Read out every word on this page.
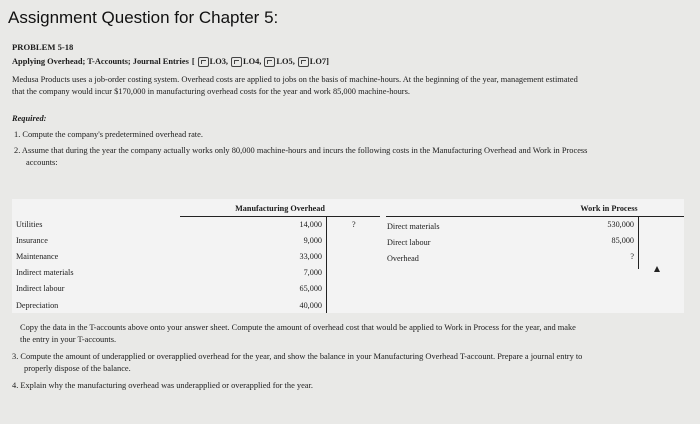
Assignment Question for Chapter 5:
PROBLEM 5-18
Applying Overhead; T-Accounts; Journal Entries [ LO3, LO4, LO5, LO7 ]
Medusa Products uses a job-order costing system. Overhead costs are applied to jobs on the basis of machine-hours. At the beginning of the year, management estimated
that the company would incur $170,000 in manufacturing overhead costs for the year and work 85,000 machine-hours.
Required:
1. Compute the company's predetermined overhead rate.
2. Assume that during the year the company actually works only 80,000 machine-hours and incurs the following costs in the Manufacturing Overhead and Work in Process
accounts:
Manufacturing Overhead
Utilities	14,000
Insurance	9,000
Maintenance	33,000
Indirect materials	7,000
Indirect labour	65,000
Depreciation	40,000
?
Work in Process
Direct materials	530,000
Direct labour	85,000
Overhead	?
Copy the data in the T-accounts above onto your answer sheet. Compute the amount of overhead cost that would be applied to Work in Process for the year, and make
the entry in your T-accounts.
3. Compute the amount of underapplied or overapplied overhead for the year, and show the balance in your Manufacturing Overhead T-account. Prepare a journal entry to
properly dispose of the balance.
4. Explain why the manufacturing overhead was underapplied or overapplied for the year.
